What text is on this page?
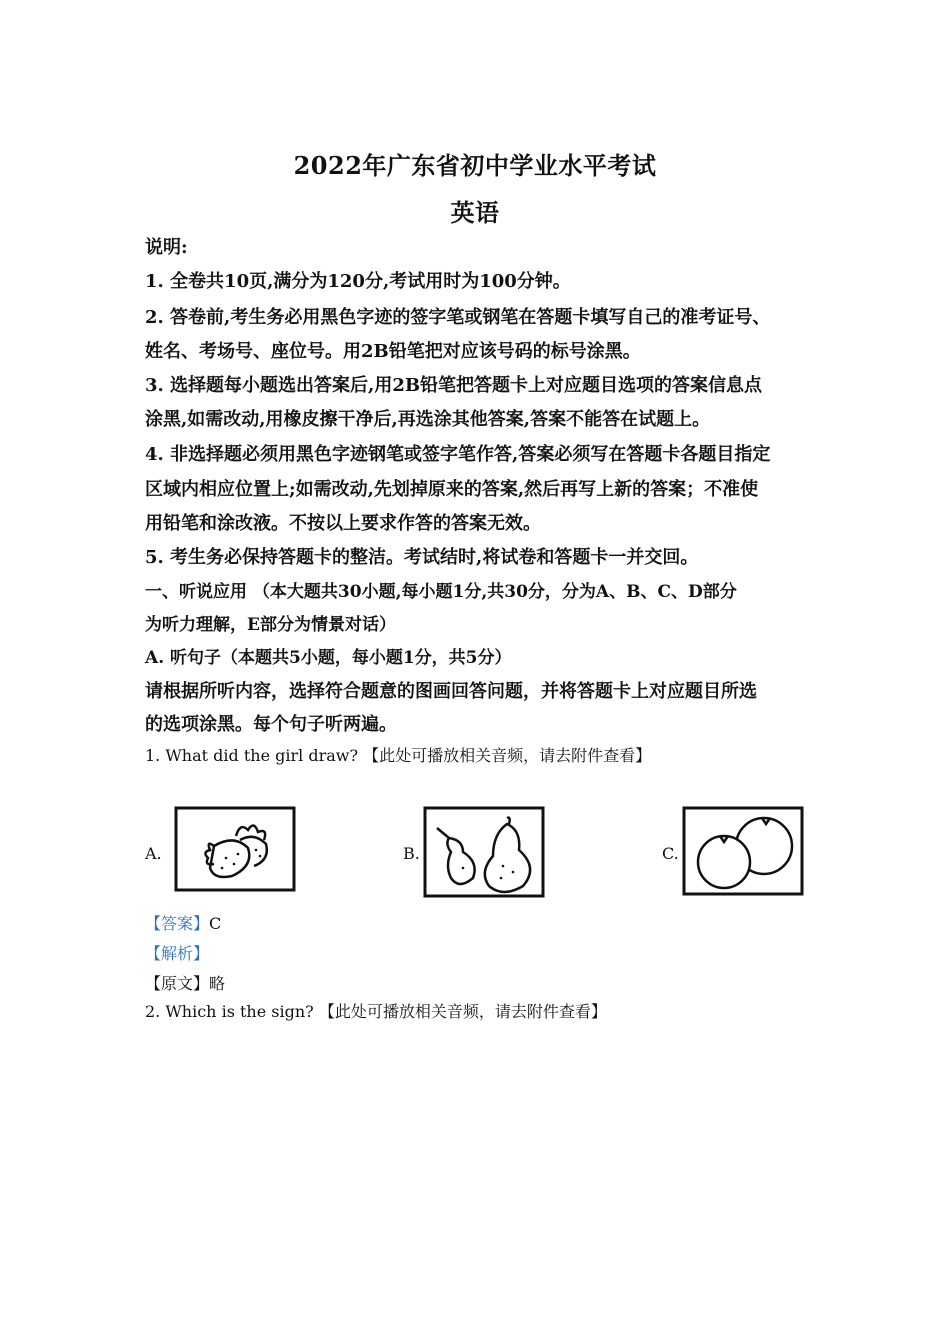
2022年广东省初中学业水平考试
英语
说明:
1. 全卷共10页,满分为120分,考试用时为100分钟。
2. 答卷前,考生务必用黑色字迹的签字笔或钢笔在答题卡填写自己的准考证号、
姓名、考场号、座位号。用2B铅笔把对应该号码的标号涂黑。
3. 选择题每小题选出答案后,用2B铅笔把答题卡上对应题目选项的答案信息点
涂黑,如需改动,用橡皮擦干净后,再选涂其他答案,答案不能答在试题上。
4. 非选择题必须用黑色字迹钢笔或签字笔作答,答案必须写在答题卡各题目指定
区域内相应位置上;如需改动,先划掉原来的答案,然后再写上新的答案；不准使
用铅笔和涂改液。不按以上要求作答的答案无效。
5. 考生务必保持答题卡的整洁。考试结时,将试卷和答题卡一并交回。
一、听说应用 （本大题共30小题,每小题1分,共30分，分为A、B、C、D部分
为听力理解，E部分为情景对话）
A. 听句子（本题共5小题，每小题1分，共5分）
请根据所听内容，选择符合题意的图画回答问题，并将答题卡上对应题目所选
的选项涂黑。每个句子听两遍。
1. What did the girl draw? 【此处可播放相关音频，请去附件查看】
A.	B.	C.
【答案】C
【解析】
【原文】略
2. Which is the sign? 【此处可播放相关音频，请去附件查看】
